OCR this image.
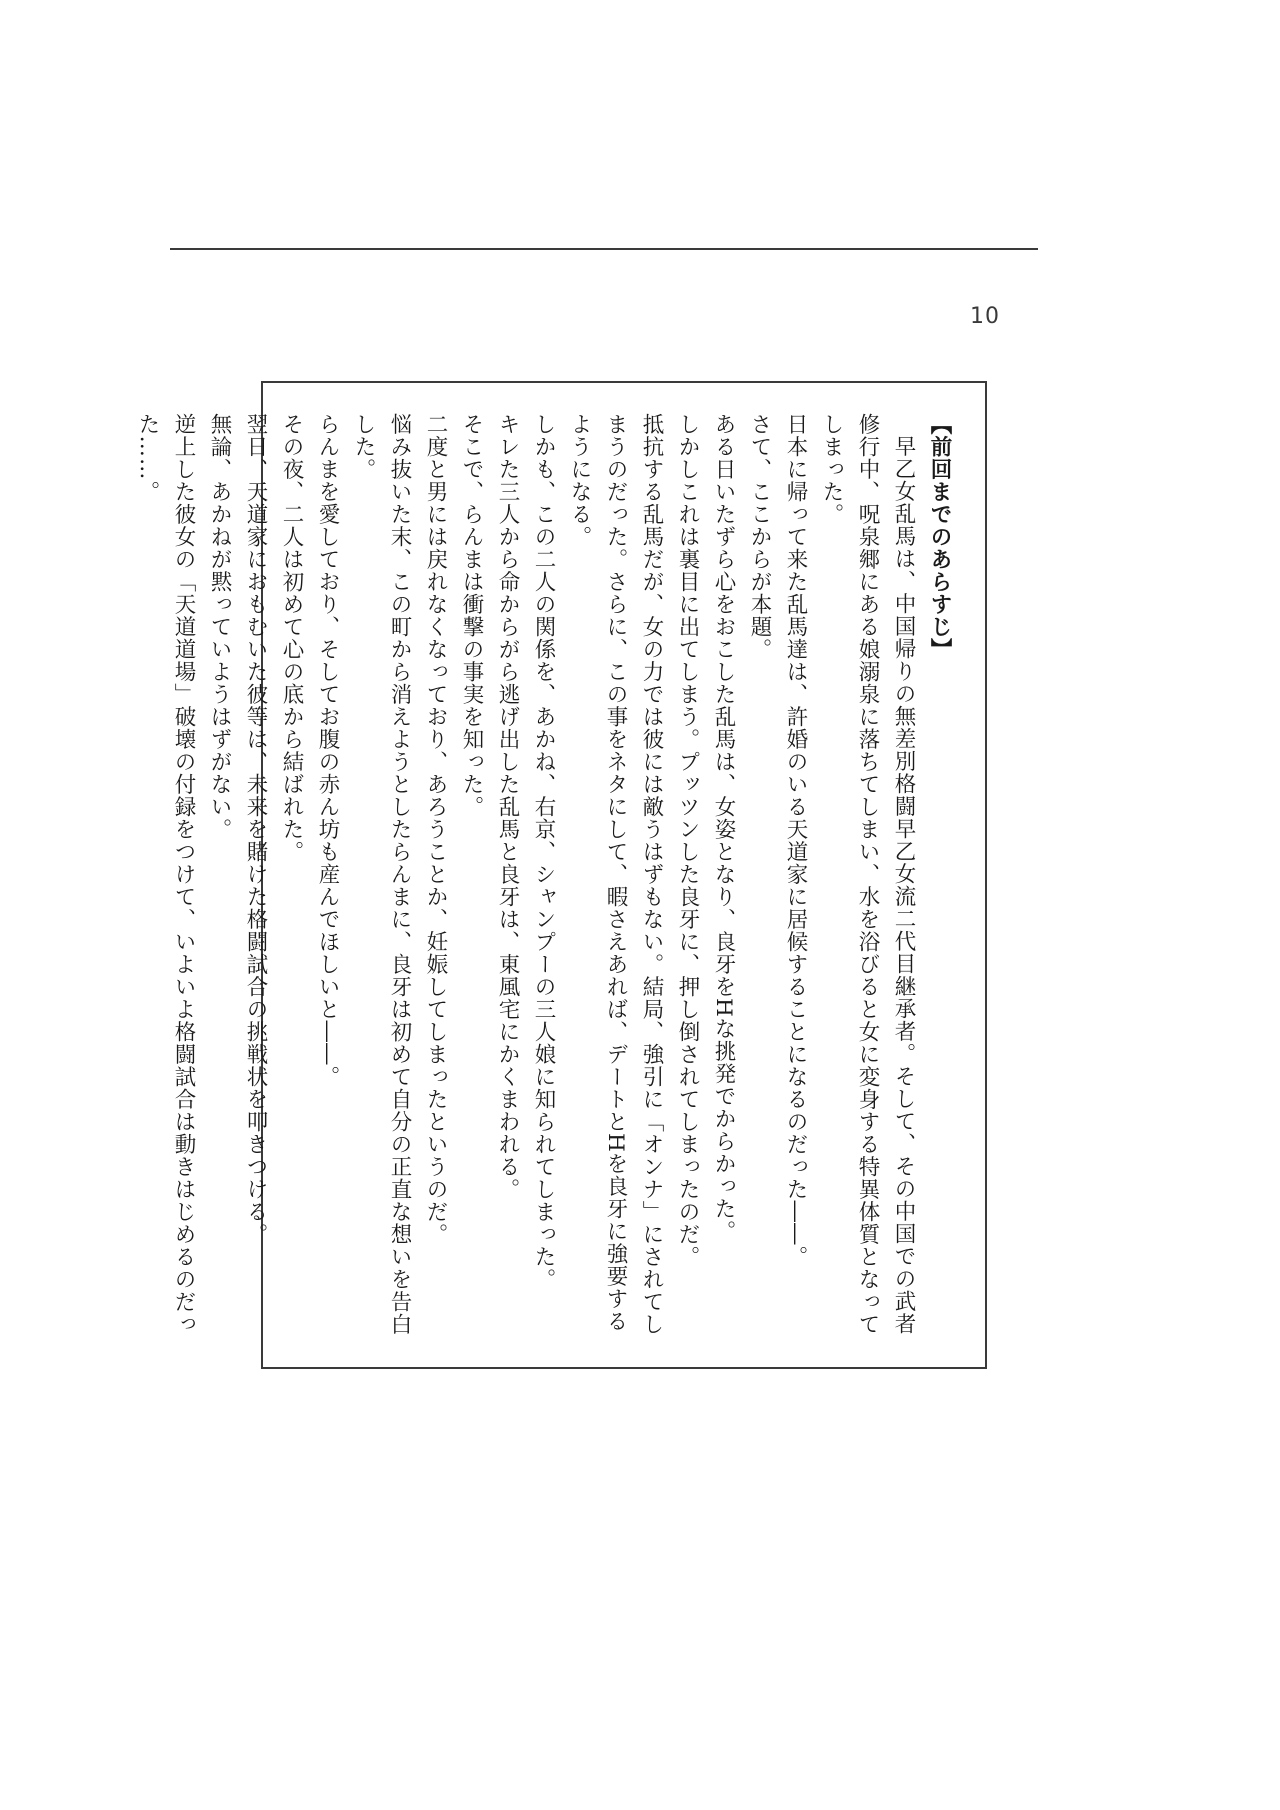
10

【前回までのあらすじ】

早乙女乱馬は、中国帰りの無差別格闘早乙女流二代目継承者。そして、その中国での武者修行中、呪泉郷にある娘溺泉に落ちてしまい、水を浴びると女に変身する特異体質となってしまった。

日本に帰って来た乱馬達は、許婚のいる天道家に居候することになるのだった――。

さて、ここからが本題。

ある日いたずら心をおこした乱馬は、女姿となり、良牙をHな挑発でからかった。

しかしこれは裏目に出てしまう。プッツンした良牙に、押し倒されてしまったのだ。

抵抗する乱馬だが、女の力では彼には敵うはずもない。結局、強引に「オンナ」にされてしまうのだった。さらに、この事をネタにして、暇さえあれば、デートとHを良牙に強要するようになる。

しかも、この二人の関係を、あかね、右京、シャンプーの三人娘に知られてしまった。

キレた三人から命からがら逃げ出した乱馬と良牙は、東風宅にかくまわれる。

そこで、らんまは衝撃の事実を知った。

二度と男には戻れなくなっており、あろうことか、妊娠してしまったというのだ。

悩み抜いた末、この町から消えようとしたらんまに、良牙は初めて自分の正直な想いを告白した。

らんまを愛しており、そしてお腹の赤ん坊も産んでほしいと――。

その夜、二人は初めて心の底から結ばれた。

翌日、天道家におもむいた彼等は、未来を賭けた格闘試合の挑戦状を叩きつける。

無論、あかねが黙っていようはずがない。

逆上した彼女の「天道道場」破壊の付録をつけて、いよいよ格闘試合は動きはじめるのだった……。
